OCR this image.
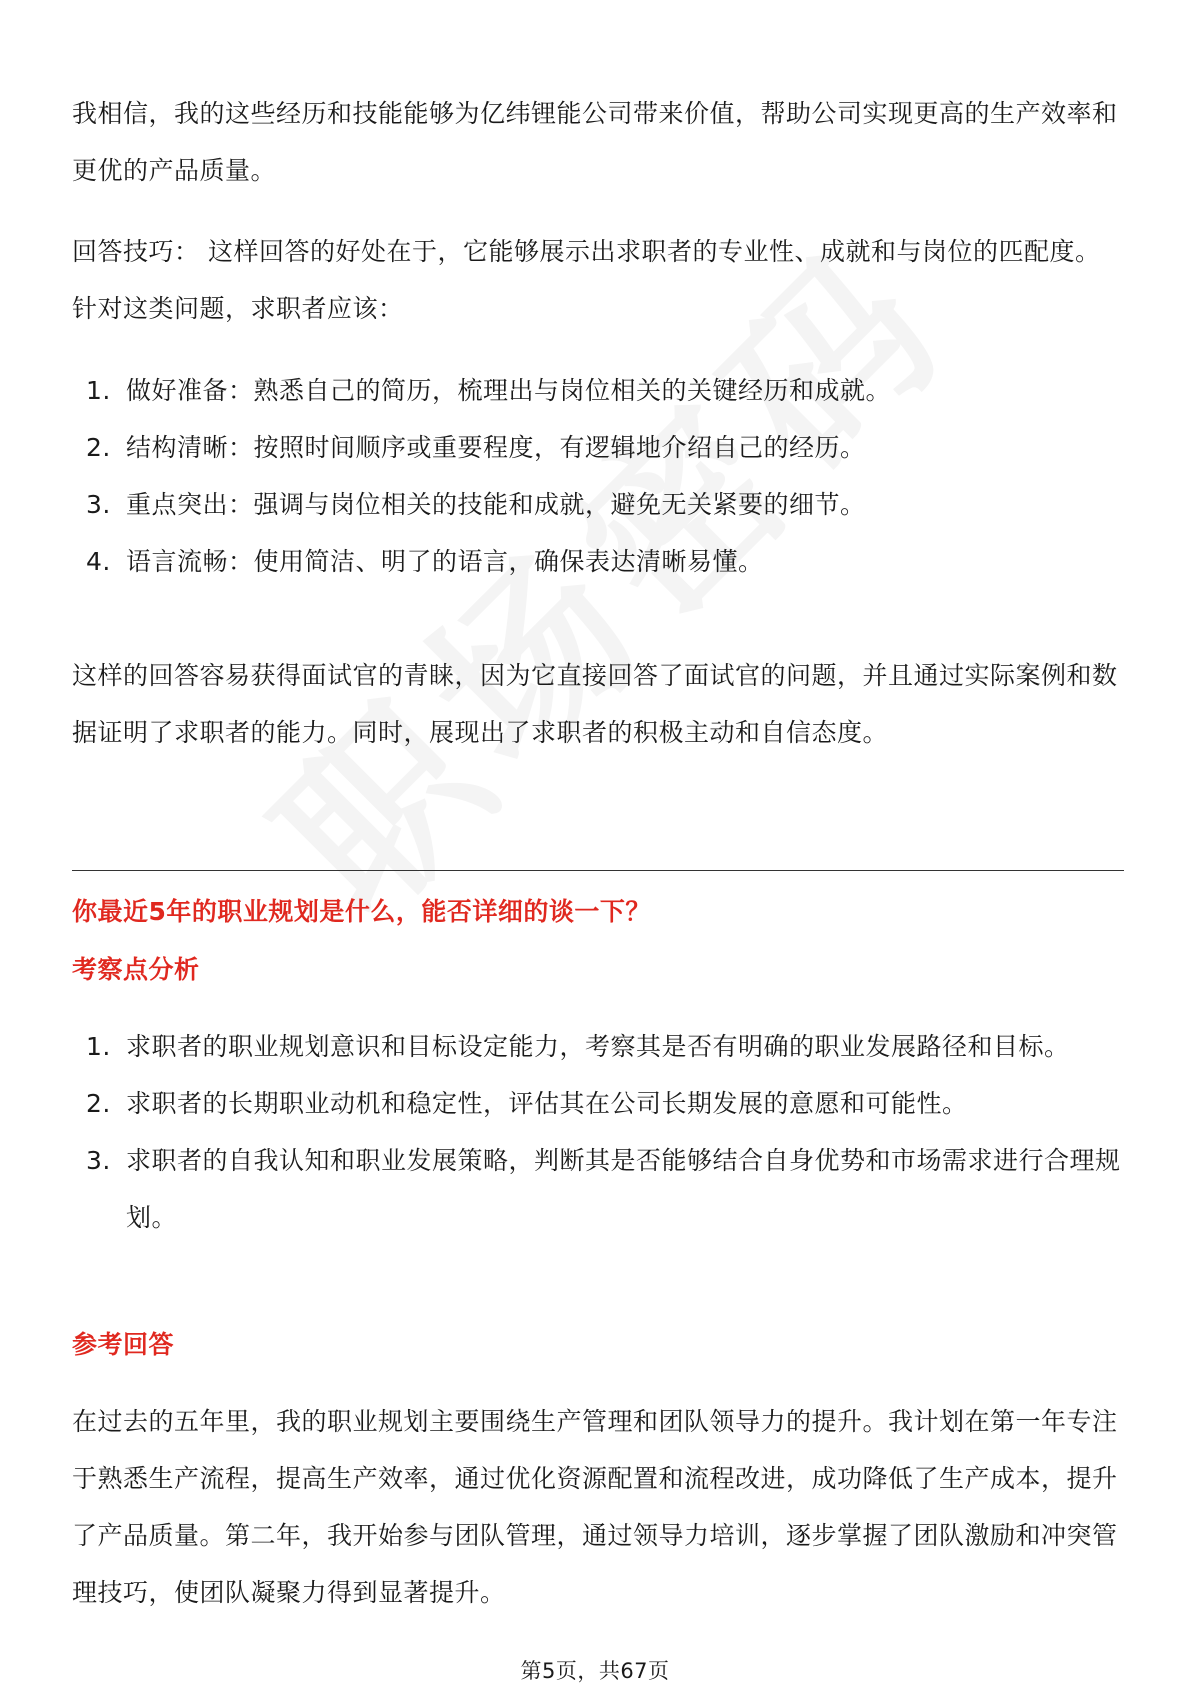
我相信，我的这些经历和技能能够为亿纬锂能公司带来价值，帮助公司实现更高的生产效率和更优的产品质量。

回答技巧： 这样回答的好处在于，它能够展示出求职者的专业性、成就和与岗位的匹配度。针对这类问题，求职者应该：

1. 做好准备：熟悉自己的简历，梳理出与岗位相关的关键经历和成就。
2. 结构清晰：按照时间顺序或重要程度，有逻辑地介绍自己的经历。
3. 重点突出：强调与岗位相关的技能和成就，避免无关紧要的细节。
4. 语言流畅：使用简洁、明了的语言，确保表达清晰易懂。

这样的回答容易获得面试官的青睐，因为它直接回答了面试官的问题，并且通过实际案例和数据证明了求职者的能力。同时，展现出了求职者的积极主动和自信态度。

你最近5年的职业规划是什么，能否详细的谈一下？
考察点分析
1. 求职者的职业规划意识和目标设定能力，考察其是否有明确的职业发展路径和目标。
2. 求职者的长期职业动机和稳定性，评估其在公司长期发展的意愿和可能性。
3. 求职者的自我认知和职业发展策略，判断其是否能够结合自身优势和市场需求进行合理规划。
参考回答

在过去的五年里，我的职业规划主要围绕生产管理和团队领导力的提升。我计划在第一年专注于熟悉生产流程，提高生产效率，通过优化资源配置和流程改进，成功降低了生产成本，提升了产品质量。第二年，我开始参与团队管理，通过领导力培训，逐步掌握了团队激励和冲突管理技巧，使团队凝聚力得到显著提升。

第5页，共67页
